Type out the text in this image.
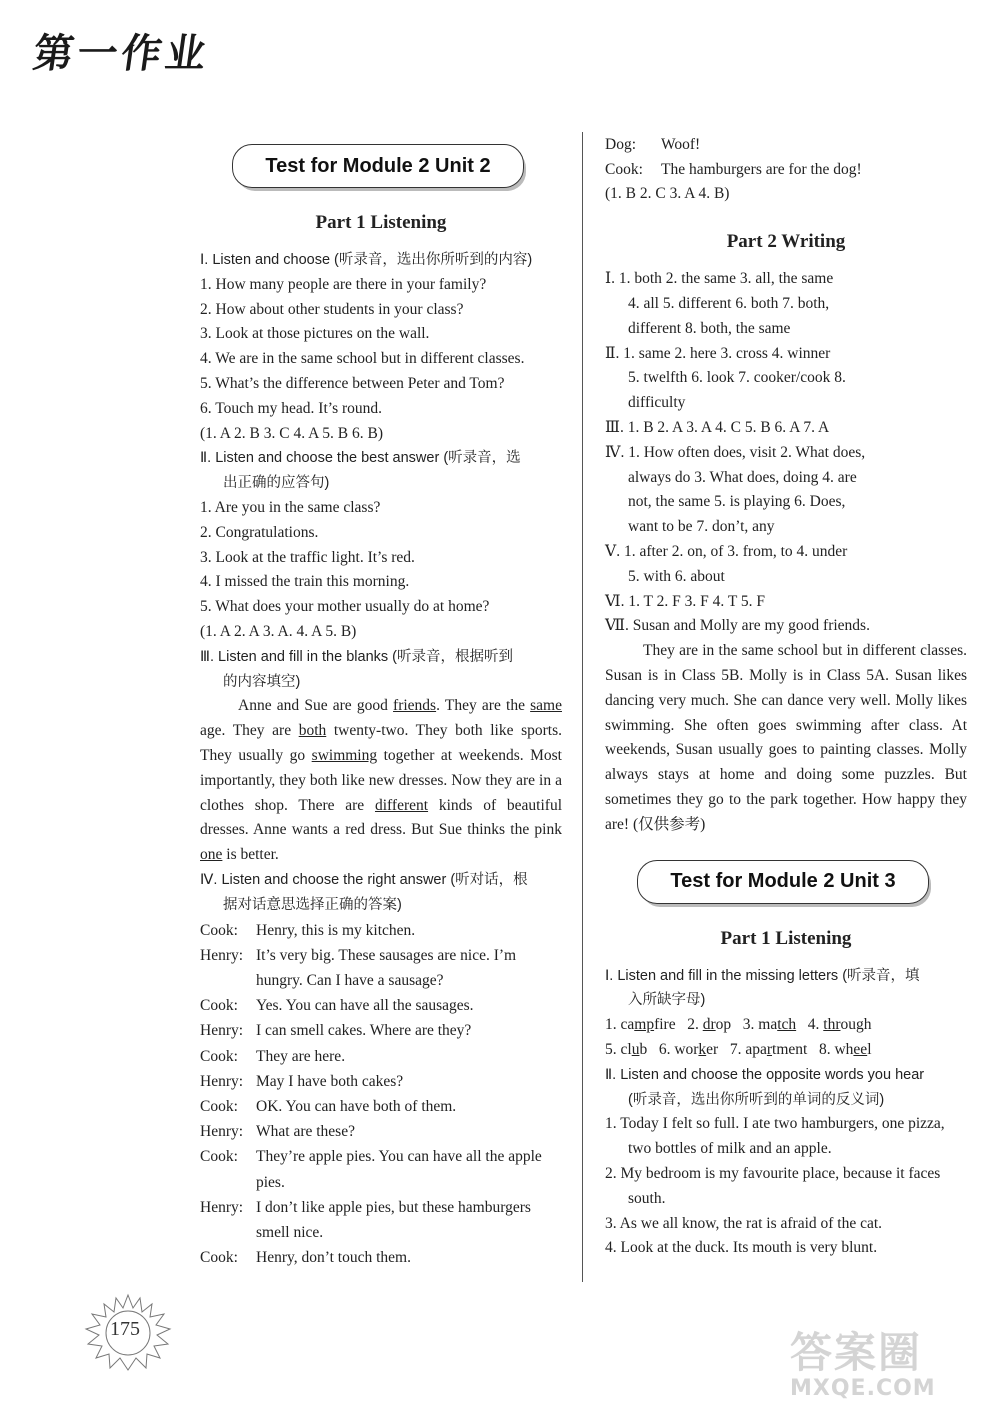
第一作业
Test for Module 2 Unit 2
Part 1 Listening
Ⅰ. Listen and choose (听录音，选出你所听到的内容)
1. How many people are there in your family?
2. How about other students in your class?
3. Look at those pictures on the wall.
4. We are in the same school but in different classes.
5. What’s the difference between Peter and Tom?
6. Touch my head. It’s round.
(1. A 2. B 3. C 4. A 5. B 6. B)
Ⅱ. Listen and choose the best answer (听录音，选
出正确的应答句)
1. Are you in the same class?
2. Congratulations.
3. Look at the traffic light. It’s red.
4. I missed the train this morning.
5. What does your mother usually do at home?
(1. A 2. A 3. A. 4. A 5. B)
Ⅲ. Listen and fill in the blanks (听录音，根据听到
的内容填空)
Anne and Sue are good friends. They are the same age. They are both twenty-two. They both like sports. They usually go swimming together at weekends. Most importantly, they both like new dresses. Now they are in a clothes shop. There are different kinds of beautiful dresses. Anne wants a red dress. But Sue thinks the pink one is better.
Ⅳ. Listen and choose the right answer (听对话，根
据对话意思选择正确的答案)
Cook:	Henry, this is my kitchen.
Henry: It’s very big. These sausages are nice. I’m hungry. Can I have a sausage?
Cook:	Yes. You can have all the sausages.
Henry: I can smell cakes. Where are they?
Cook:	They are here.
Henry: May I have both cakes?
Cook:	OK. You can have both of them.
Henry: What are these?
Cook:	They’re apple pies. You can have all the apple pies.
Henry: I don’t like apple pies, but these hamburgers smell nice.
Cook:	Henry, don’t touch them.
Dog:	Woof!
Cook:	The hamburgers are for the dog!
(1. B 2. C 3. A 4. B)
Part 2 Writing
Ⅰ. 1. both 2. the same 3. all, the same
4. all 5. different 6. both 7. both,
different 8. both, the same
Ⅱ. 1. same 2. here 3. cross 4. winner
5. twelfth 6. look 7. cooker/cook 8.
difficulty
Ⅲ. 1. B 2. A 3. A 4. C 5. B 6. A 7. A
Ⅳ. 1. How often does, visit 2. What does,
always do 3. What does, doing 4. are
not, the same 5. is playing 6. Does,
want to be 7. don’t, any
Ⅴ. 1. after 2. on, of 3. from, to 4. under
5. with 6. about
Ⅵ. 1. T 2. F 3. F 4. T 5. F
Ⅶ. Susan and Molly are my good friends.
They are in the same school but in different classes. Susan is in Class 5B. Molly is in Class 5A. Susan likes dancing very much. She can dance very well. Molly likes swimming. She often goes swimming after class. At weekends, Susan usually goes to painting classes. Molly always stays at home and doing some puzzles. But sometimes they go to the park together. How happy they are! (仅供参考)
Test for Module 2 Unit 3
Part 1 Listening
Ⅰ. Listen and fill in the missing letters (听录音，填
入所缺字母)
1. campfire 2. drop 3. match 4. through
5. club 6. worker 7. apartment 8. wheel
Ⅱ. Listen and choose the opposite words you hear
(听录音，选出你所听到的单词的反义词)
1. Today I felt so full. I ate two hamburgers, one pizza, two bottles of milk and an apple.
2. My bedroom is my favourite place, because it faces south.
3. As we all know, the rat is afraid of the cat.
4. Look at the duck. Its mouth is very blunt.
175	答案圈
MXQE.COM
